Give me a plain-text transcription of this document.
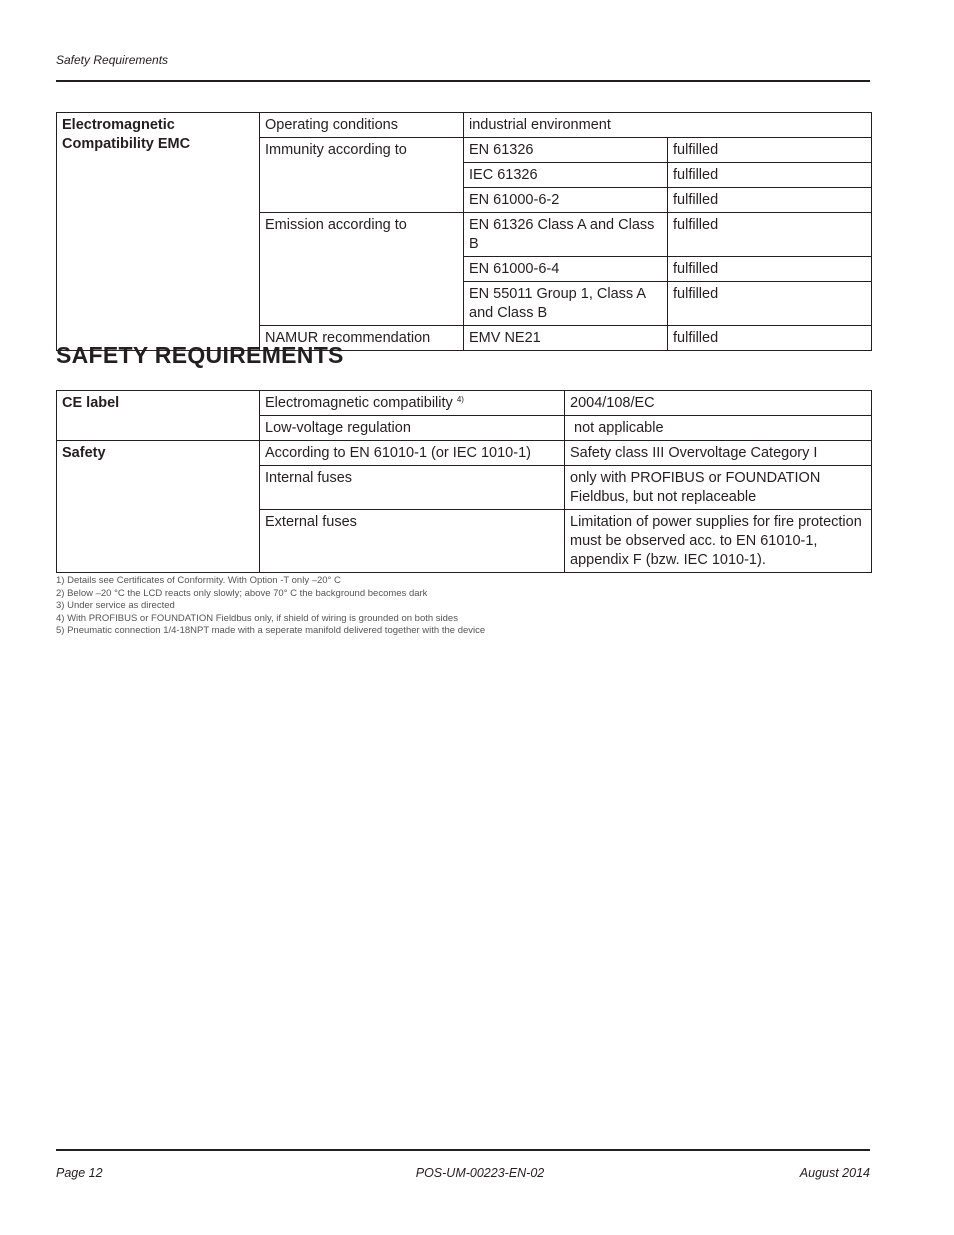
Safety Requirements
Electromagnetic Compatibility EMC	Operating conditions	industrial environment	
	Immunity according to	EN 61326	fulfilled
		IEC 61326	fulfilled
		EN 61000-6-2	fulfilled
	Emission according to	EN 61326 Class A and Class B	fulfilled
		EN 61000-6-4	fulfilled
		EN 55011 Group 1, Class A and Class B	fulfilled
	NAMUR recommendation	EMV NE21	fulfilled
SAFETY REQUIREMENTS
CE label	Electromagnetic compatibility $^{4)}$	2004/108/EC
	Low-voltage regulation	not applicable
Safety	According to EN 61010-1 (or IEC 1010-1)	Safety class III Overvoltage Category I
	Internal fuses	only with PROFIBUS or FOUNDATION Fieldbus, but not replaceable
	External fuses	Limitation of power supplies for fire protection must be observed acc. to EN 61010-1, appendix F (bzw. IEC 1010-1).
1) Details see Certificates of Conformity. With Option -T only –20° C
2) Below –20 °C the LCD reacts only slowly; above 70° C the background becomes dark
3) Under service as directed
4) With PROFIBUS or FOUNDATION Fieldbus only, if shield of wiring is grounded on both sides
5) Pneumatic connection 1/4-18NPT made with a seperate manifold delivered together with the device
Page 12	POS-UM-00223-EN-02	August 2014
